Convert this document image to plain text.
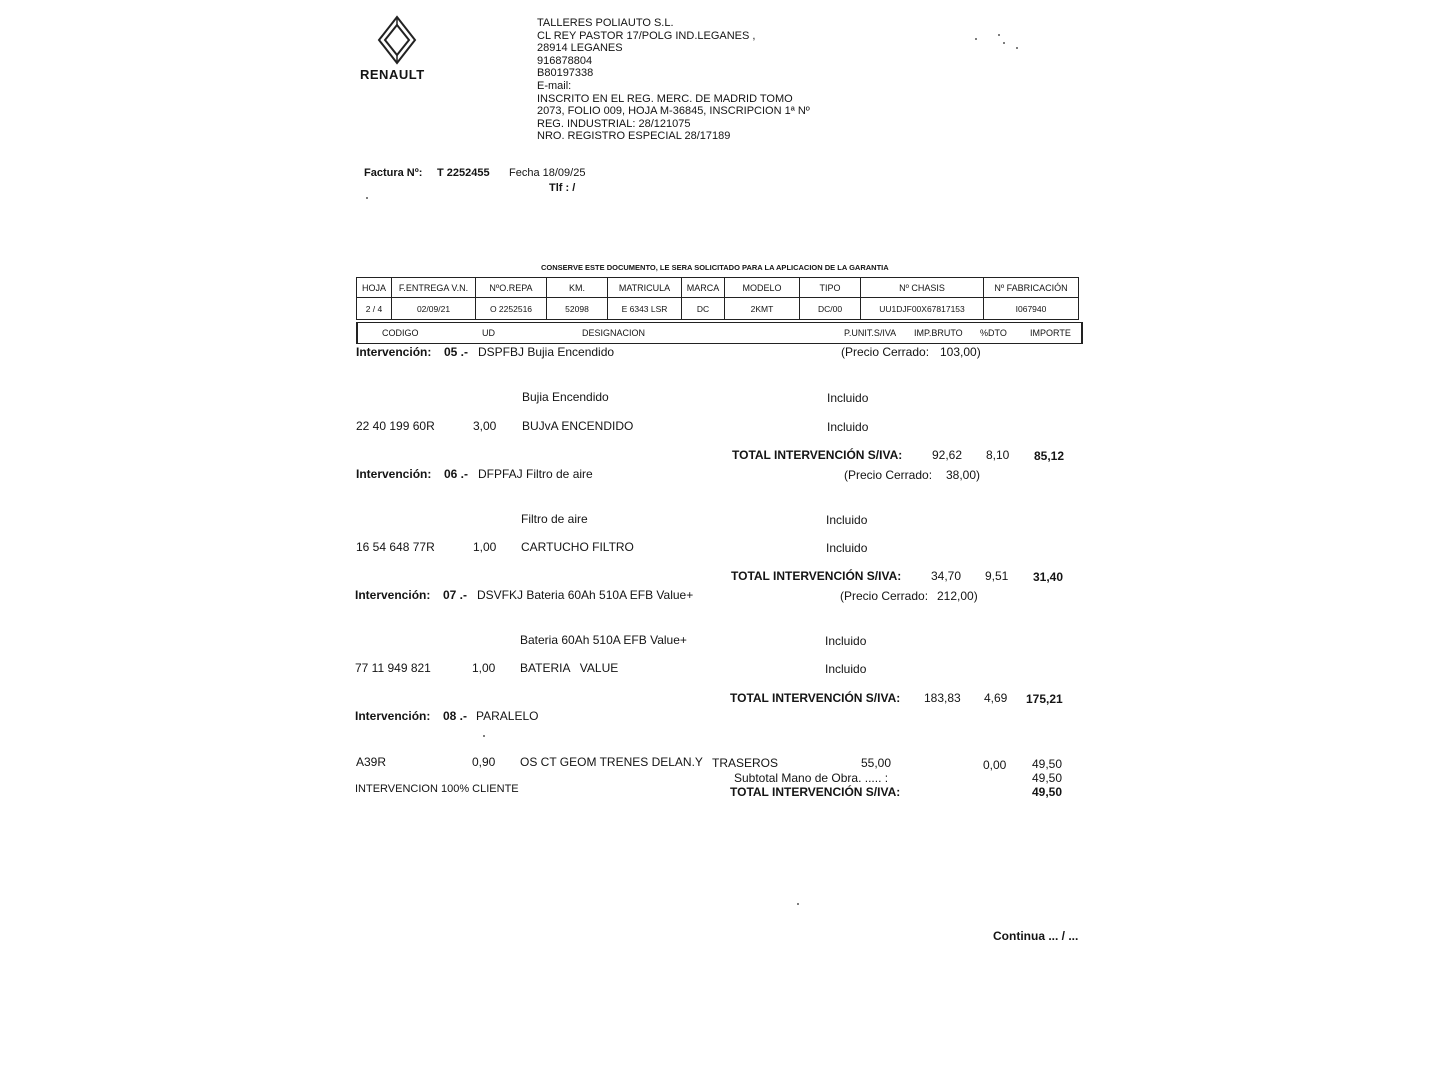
RENAULT
TALLERES POLIAUTO S.L.
CL REY PASTOR 17/POLG IND.LEGANES ,
28914 LEGANES
916878804
B80197338
E-mail:
INSCRITO EN EL REG. MERC. DE MADRID TOMO
2073, FOLIO 009, HOJA M-36845, INSCRIPCION 1ª Nº
REG. INDUSTRIAL: 28/121075
NRO. REGISTRO ESPECIAL 28/17189
Factura Nº: T 2252455 Fecha 18/09/25
Tlf : /
CONSERVE ESTE DOCUMENTO, LE SERA SOLICITADO PARA LA APLICACION DE LA GARANTIA
HOJA	F.ENTREGA V.N.	NºO.REPA	KM.	MATRICULA	MARCA	MODELO	TIPO	Nº CHASIS	Nº FABRICACIÓN
2 / 4	02/09/21	O 2252516	52098	E 6343 LSR	DC	2KMT	DC/00	UU1DJF00X67817153	I067940
CODIGO	UD	DESIGNACION	P.UNIT.S/IVA IMP.BRUTO %DTO	IMPORTE
Intervención: 05 .- DSPFBJ Bujia Encendido	(Precio Cerrado: 103,00)
Bujia Encendido	Incluido
22 40 199 60R	3,00 BUJvA ENCENDIDO	Incluido
TOTAL INTERVENCIÓN S/IVA: 92,62 8,10 85,12
Intervención: 06 .- DFPFAJ Filtro de aire	(Precio Cerrado: 38,00)
Filtro de aire	Incluido
16 54 648 77R	1,00 CARTUCHO FILTRO	Incluido
TOTAL INTERVENCIÓN S/IVA: 34,70 9,51 31,40
Intervención: 07 .- DSVFKJ Bateria 60Ah 510A EFB Value+	(Precio Cerrado: 212,00)
Bateria 60Ah 510A EFB Value+	Incluido
77 11 949 821	1,00 BATERIA   VALUE	Incluido
TOTAL INTERVENCIÓN S/IVA: 183,83 4,69 175,21
Intervención: 08 .- PARALELO
A39R	0,90 OS CT GEOM TRENES DELAN.Y TRASEROS	55,00	0,00 49,50
Subtotal Mano de Obra. ..... :	49,50
INTERVENCION 100% CLIENTE	TOTAL INTERVENCIÓN S/IVA:	49,50
Continua ... / ...
